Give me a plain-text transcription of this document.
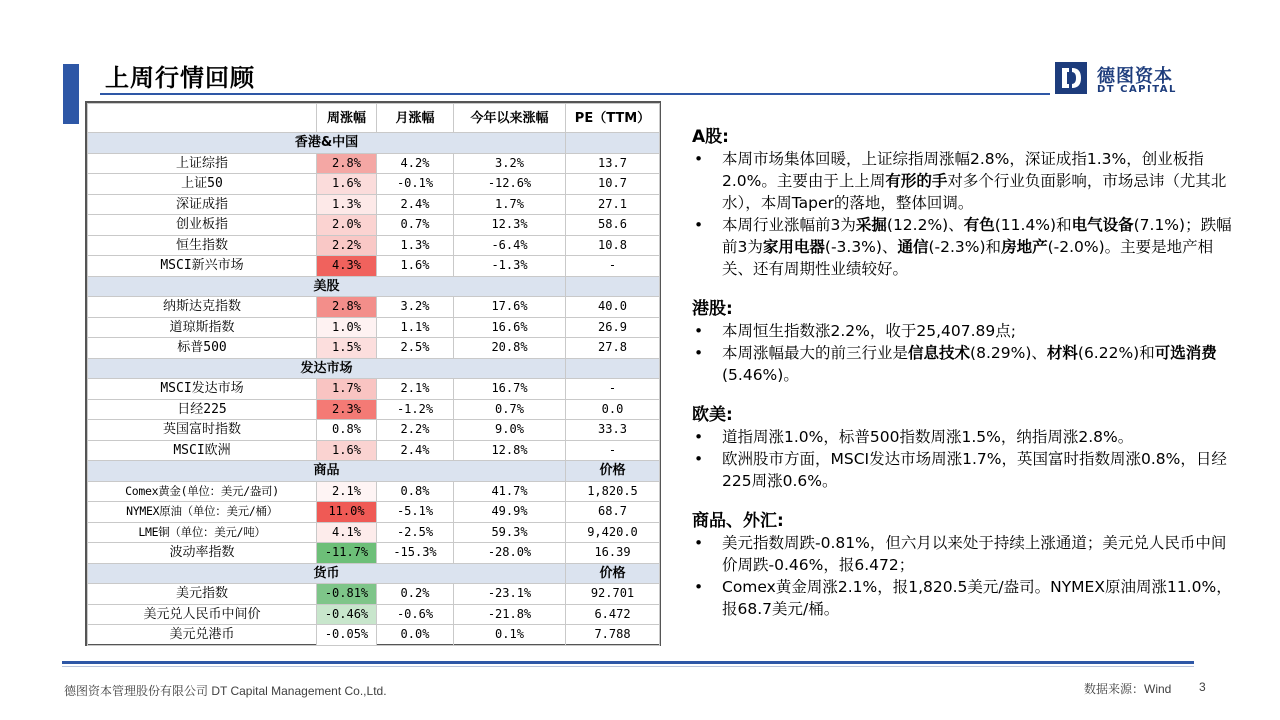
上周行情回顾	德图资本
DT CAPITAL
	周涨幅	月涨幅	今年以来涨幅	PE（TTM）
香港&中国				
上证综指	2.8%	4.2%	3.2%	13.7
上证50	1.6%	-0.1%	-12.6%	10.7
深证成指	1.3%	2.4%	1.7%	27.1
创业板指	2.0%	0.7%	12.3%	58.6
恒生指数	2.2%	1.3%	-6.4%	10.8
MSCI新兴市场	4.3%	1.6%	-1.3%	-
美股				
纳斯达克指数	2.8%	3.2%	17.6%	40.0
道琼斯指数	1.0%	1.1%	16.6%	26.9
标普500	1.5%	2.5%	20.8%	27.8
发达市场				
MSCI发达市场	1.7%	2.1%	16.7%	-
日经225	2.3%	-1.2%	0.7%	0.0
英国富时指数	0.8%	2.2%	9.0%	33.3
MSCI欧洲	1.6%	2.4%	12.8%	-
商品				价格
Comex黄金(单位：美元/盎司)	2.1%	0.8%	41.7%	1,820.5
NYMEX原油（单位：美元/桶）	11.0%	-5.1%	49.9%	68.7
LME铜（单位：美元/吨）	4.1%	-2.5%	59.3%	9,420.0
波动率指数	-11.7%	-15.3%	-28.0%	16.39
货币				价格
美元指数	-0.81%	0.2%	-23.1%	92.701
美元兑人民币中间价	-0.46%	-0.6%	-21.8%	6.472
美元兑港币	-0.05%	0.0%	0.1%	7.788
A股:
• 本周市场集体回暖，上证综指周涨幅2.8%，深证成指1.3%，创业板指2.0%。主要由于上上周有形的手对多个行业负面影响，市场忌讳（尤其北水），本周Taper的落地，整体回调。
• 本周行业涨幅前3为采掘(12.2%)、有色(11.4%)和电气设备(7.1%)；跌幅前3为家用电器(-3.3%)、通信(-2.3%)和房地产(-2.0%)。主要是地产相关、还有周期性业绩较好。
港股:
• 本周恒生指数涨2.2%，收于25,407.89点;
• 本周涨幅最大的前三行业是信息技术(8.29%)、材料(6.22%)和可选消费(5.46%)。
欧美:
• 道指周涨1.0%，标普500指数周涨1.5%，纳指周涨2.8%。
• 欧洲股市方面，MSCI发达市场周涨1.7%，英国富时指数周涨0.8%，日经225周涨0.6%。
商品、外汇:
• 美元指数周跌-0.81%，但六月以来处于持续上涨通道；美元兑人民币中间价周跌-0.46%，报6.472；
• Comex黄金周涨2.1%，报1,820.5美元/盎司。NYMEX原油周涨11.0%，报68.7美元/桶。
德图资本管理股份有限公司 DT Capital Management Co.,Ltd.	数据来源：Wind 3
